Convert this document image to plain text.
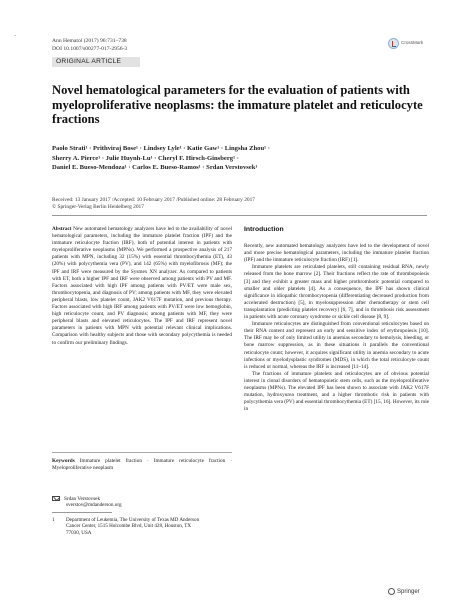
´	Ann Hematol (2017) 96:731–738
DOI 10.1007/s00277-017-2956-3
CrossMark
ORIGINAL ARTICLE
Novel hematological parameters for the evaluation of patients with myeloproliferative neoplasms: the immature platelet and reticulocyte fractions
Paolo Strati¹ · Prithviraj Bose¹ · Lindsey Lyle¹ · Katie Gaw¹ · Lingsha Zhou¹ ·
Sherry A. Pierce¹ · Julie Huynh-Lu¹ · Cheryl F. Hirsch-Ginsberg¹ ·
Daniel E. Bueso-Mendoza¹ · Carlos E. Bueso-Ramos¹ · Srdan Verstovsek¹
Received: 13 January 2017 /Accepted: 10 February 2017 /Published online: 28 February 2017
© Springer-Verlag Berlin Heidelberg 2017
Abstract New automated hematology analyzers have led to the availability of novel hematological parameters, including the immature platelet fraction (IPF) and the immature reticulocyte fraction (IRF), both of potential interest in patients with myeloproliferative neoplasms (MPNs). We performed a prospective analysis of 217 patients with MPN, including 32 (15%) with essential thrombocythemia (ET), 43 (20%) with polycythemia vera (PV), and 142 (65%) with myelofibrosis (MF); the IPF and IRF were measured by the Sysmex XN analyzer. As compared to patients with ET, both a higher IPF and IRF were observed among patients with PV and MF. Factors associated with high IPF among patients with PV/ET were male sex, thrombocytopenia, and diagnosis of PV; among patients with MF, they were elevated peripheral blasts, low platelet count, JAK2 V617F mutation, and previous therapy. Factors associated with high IRF among patients with PV/ET were low hemoglobin, high reticulocyte count, and PV diagnosis; among patients with MF, they were peripheral blasts and elevated reticulocytes. The IPF and IRF represent novel parameters in patients with MPN with potential relevant clinical implications. Comparison with healthy subjects and those with secondary polycythemia is needed to confirm our preliminary findings.
Keywords Immature platelet fraction · Immature reticulocyte fraction · Myeloproliferative neoplasm
Srdan Verstovsek
sverstov@mdanderson.org
1	Department of Leukemia, The University of Texas MD Anderson Cancer Center, 1515 Holcombe Blvd, Unit 428, Houston, TX 77030, USA
Introduction

Recently, new automated hematology analyzers have led to the development of novel and more precise hematological parameters, including the immature platelet fraction (IPF) and the immature reticulocyte fraction (IRF) [1].

Immature platelets are reticulated platelets, still containing residual RNA, newly released from the bone marrow [2]. Their fractions reflect the rate of thrombopoiesis [3] and they exhibit a greater mass and higher prothrombotic potential compared to smaller and older platelets [4]. As a consequence, the IPF has shown clinical significance in idiopathic thrombocytopenia (differentiating decreased production from accelerated destruction) [5], in myelosuppression after chemotherapy or stem cell transplantation (predicting platelet recovery) [6, 7], and in thrombosis risk assessment in patients with acute coronary syndrome or sickle cell disease [8, 9].

Immature reticulocytes are distinguished from conventional reticulocytes based on their RNA content and represent an early and sensitive index of erythropoiesis [10]. The IRF may be of only limited utility in anemias secondary to hemolysis, bleeding, or bone marrow suppression, as in these situations it parallels the conventional reticulocyte count; however, it acquires significant utility in anemia secondary to acute infections or myelodysplastic syndromes (MDS), in which the total reticulocyte count is reduced or normal, whereas the IRF is increased [11–14].

The fractions of immature platelets and reticulocytes are of obvious potential interest in clonal disorders of hematopoietic stem cells, such as the myeloproliferative neoplasms (MPNs). The elevated IPF has been shown to associate with JAK2 V617F mutation, hydroxyurea treatment, and a higher thrombotic risk in patients with polycythemia vera (PV) and essential thrombocythemia (ET) [15, 16]. However, its role in

Springer
